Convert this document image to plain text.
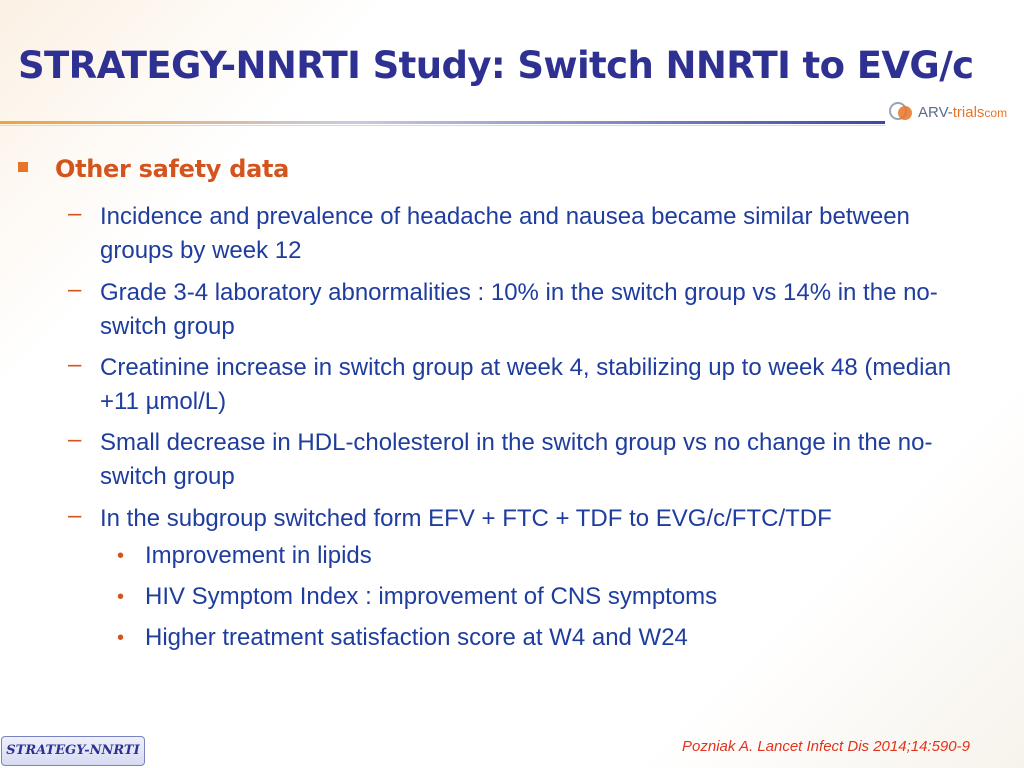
STRATEGY-NNRTI Study: Switch NNRTI to EVG/c
ARV-trialscom
Other safety data
– Incidence and prevalence of headache and nausea became similar between groups by week 12
– Grade 3-4 laboratory abnormalities : 10% in the switch group vs 14% in the no-switch group
– Creatinine increase in switch group at week 4, stabilizing up to week 48 (median +11 µmol/L)
– Small decrease in HDL-cholesterol in the switch group vs no change in the no-switch group
– In the subgroup switched form EFV + FTC + TDF to EVG/c/FTC/TDF
• Improvement in lipids
• HIV Symptom Index : improvement of CNS symptoms
• Higher treatment satisfaction score at W4 and W24
Pozniak A. Lancet Infect Dis 2014;14:590-9
STRATEGY-NNRTI
